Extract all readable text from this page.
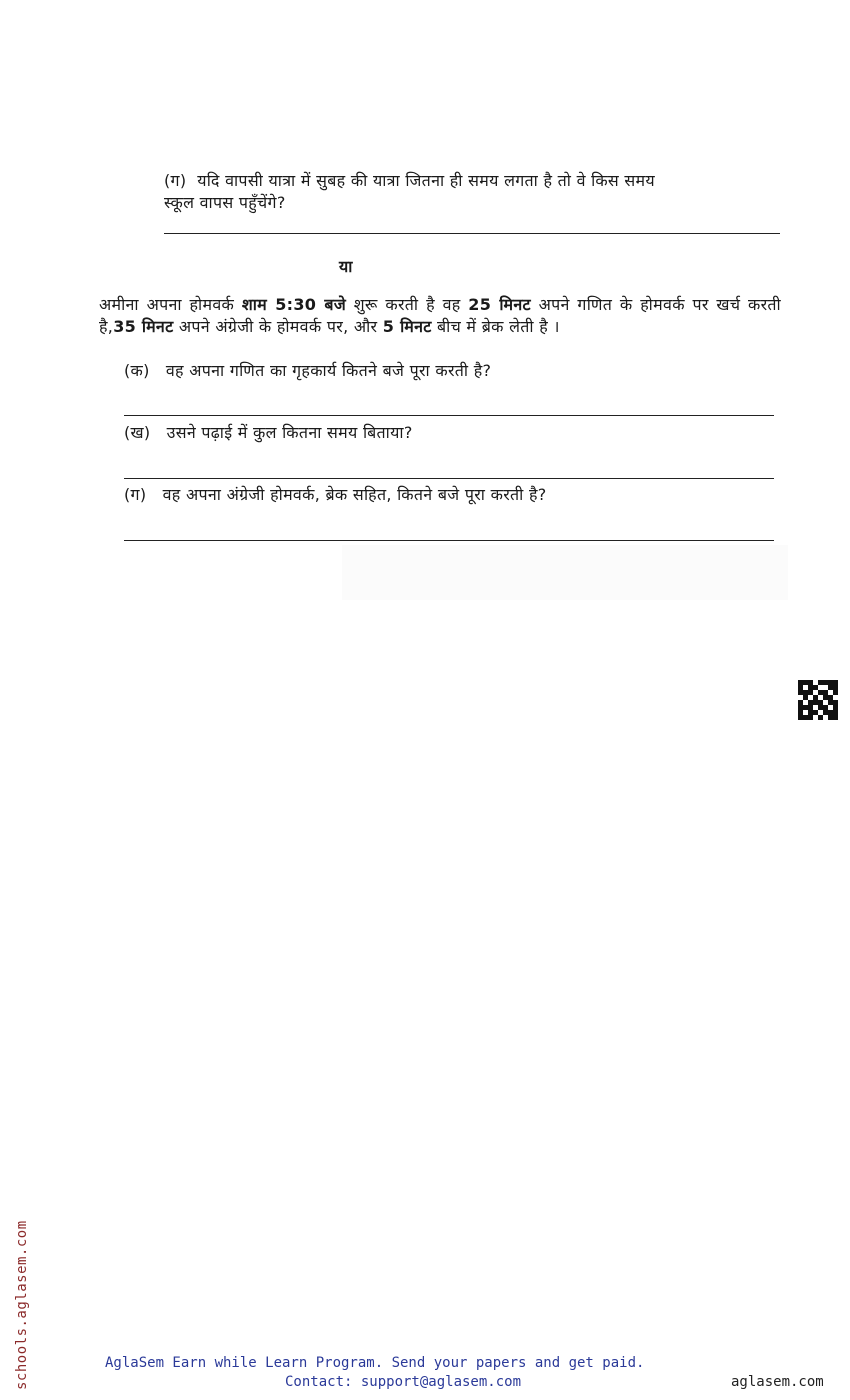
(ग) यदि वापसी यात्रा में सुबह की यात्रा जितना ही समय लगता है तो वे किस समय
स्कूल वापस पहुँचेंगे?
या
अमीना अपना होमवर्क शाम 5:30 बजे शुरू करती है वह 25 मिनट अपने गणित के होमवर्क पर खर्च करती है,35 मिनट अपने अंग्रेजी के होमवर्क पर, और 5 मिनट बीच में ब्रेक लेती है ।
(क) वह अपना गणित का गृहकार्य कितने बजे पूरा करती है?
(ख) उसने पढ़ाई में कुल कितना समय बिताया?
(ग) वह अपना अंग्रेजी होमवर्क, ब्रेक सहित, कितने बजे पूरा करती है?
schools.aglasem.com	AglaSem Earn while Learn Program. Send your papers and get paid.
Contact: support@aglasem.com	aglasem.com
